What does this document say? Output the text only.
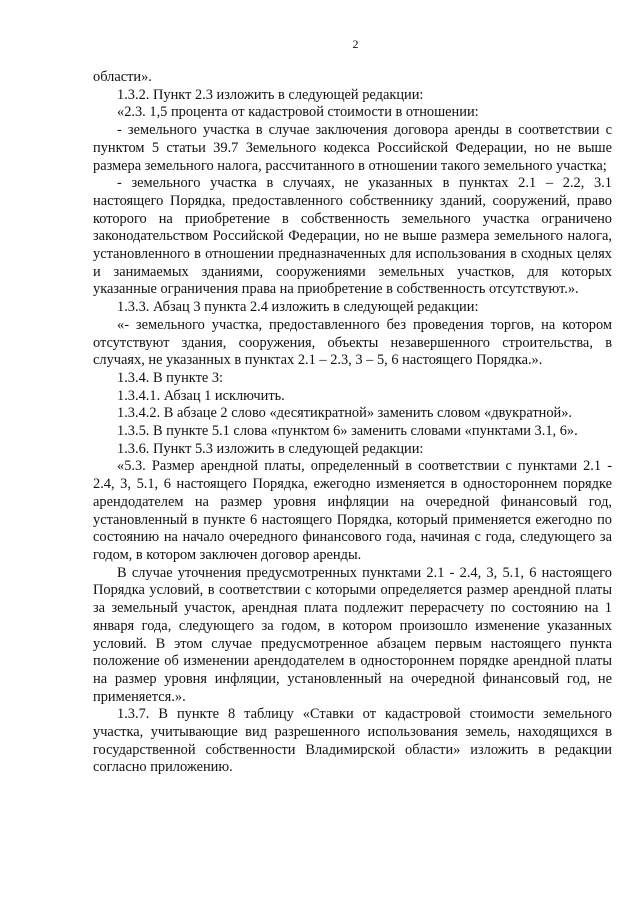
2

области».

1.3.2. Пункт 2.3 изложить в следующей редакции:

«2.3. 1,5 процента от кадастровой стоимости в отношении:

- земельного участка в случае заключения договора аренды в соответствии с пунктом 5 статьи 39.7 Земельного кодекса Российской Федерации, но не выше размера земельного налога, рассчитанного в отношении такого земельного участка;

- земельного участка в случаях, не указанных в пунктах 2.1 – 2.2, 3.1 настоящего Порядка, предоставленного собственнику зданий, сооружений, право которого на приобретение в собственность земельного участка ограничено законодательством Российской Федерации, но не выше размера земельного налога, установленного в отношении предназначенных для использования в сходных целях и занимаемых зданиями, сооружениями земельных участков, для которых указанные ограничения права на приобретение в собственность отсутствуют.».

1.3.3. Абзац 3 пункта 2.4 изложить в следующей редакции:

«- земельного участка, предоставленного без проведения торгов, на котором отсутствуют здания, сооружения, объекты незавершенного строительства, в случаях, не указанных в пунктах 2.1 – 2.3, 3 – 5, 6 настоящего Порядка.».

1.3.4. В пункте 3:

1.3.4.1. Абзац 1 исключить.

1.3.4.2. В абзаце 2 слово «десятикратной» заменить словом «двукратной».

1.3.5. В пункте 5.1 слова «пунктом 6» заменить словами «пунктами 3.1, 6».

1.3.6. Пункт 5.3 изложить в следующей редакции:

«5.3. Размер арендной платы, определенный в соответствии с пунктами 2.1 - 2.4, 3, 5.1, 6 настоящего Порядка, ежегодно изменяется в одностороннем порядке арендодателем на размер уровня инфляции на очередной финансовый год, установленный в пункте 6 настоящего Порядка, который применяется ежегодно по состоянию на начало очередного финансового года, начиная с года, следующего за годом, в котором заключен договор аренды.

В случае уточнения предусмотренных пунктами 2.1 - 2.4, 3, 5.1, 6 настоящего Порядка условий, в соответствии с которыми определяется размер арендной платы за земельный участок, арендная плата подлежит перерасчету по состоянию на 1 января года, следующего за годом, в котором произошло изменение указанных условий. В этом случае предусмотренное абзацем первым настоящего пункта положение об изменении арендодателем в одностороннем порядке арендной платы на размер уровня инфляции, установленный на очередной финансовый год, не применяется.».

1.3.7. В пункте 8 таблицу «Ставки от кадастровой стоимости земельного участка, учитывающие вид разрешенного использования земель, находящихся в государственной собственности Владимирской области» изложить в редакции согласно приложению.
